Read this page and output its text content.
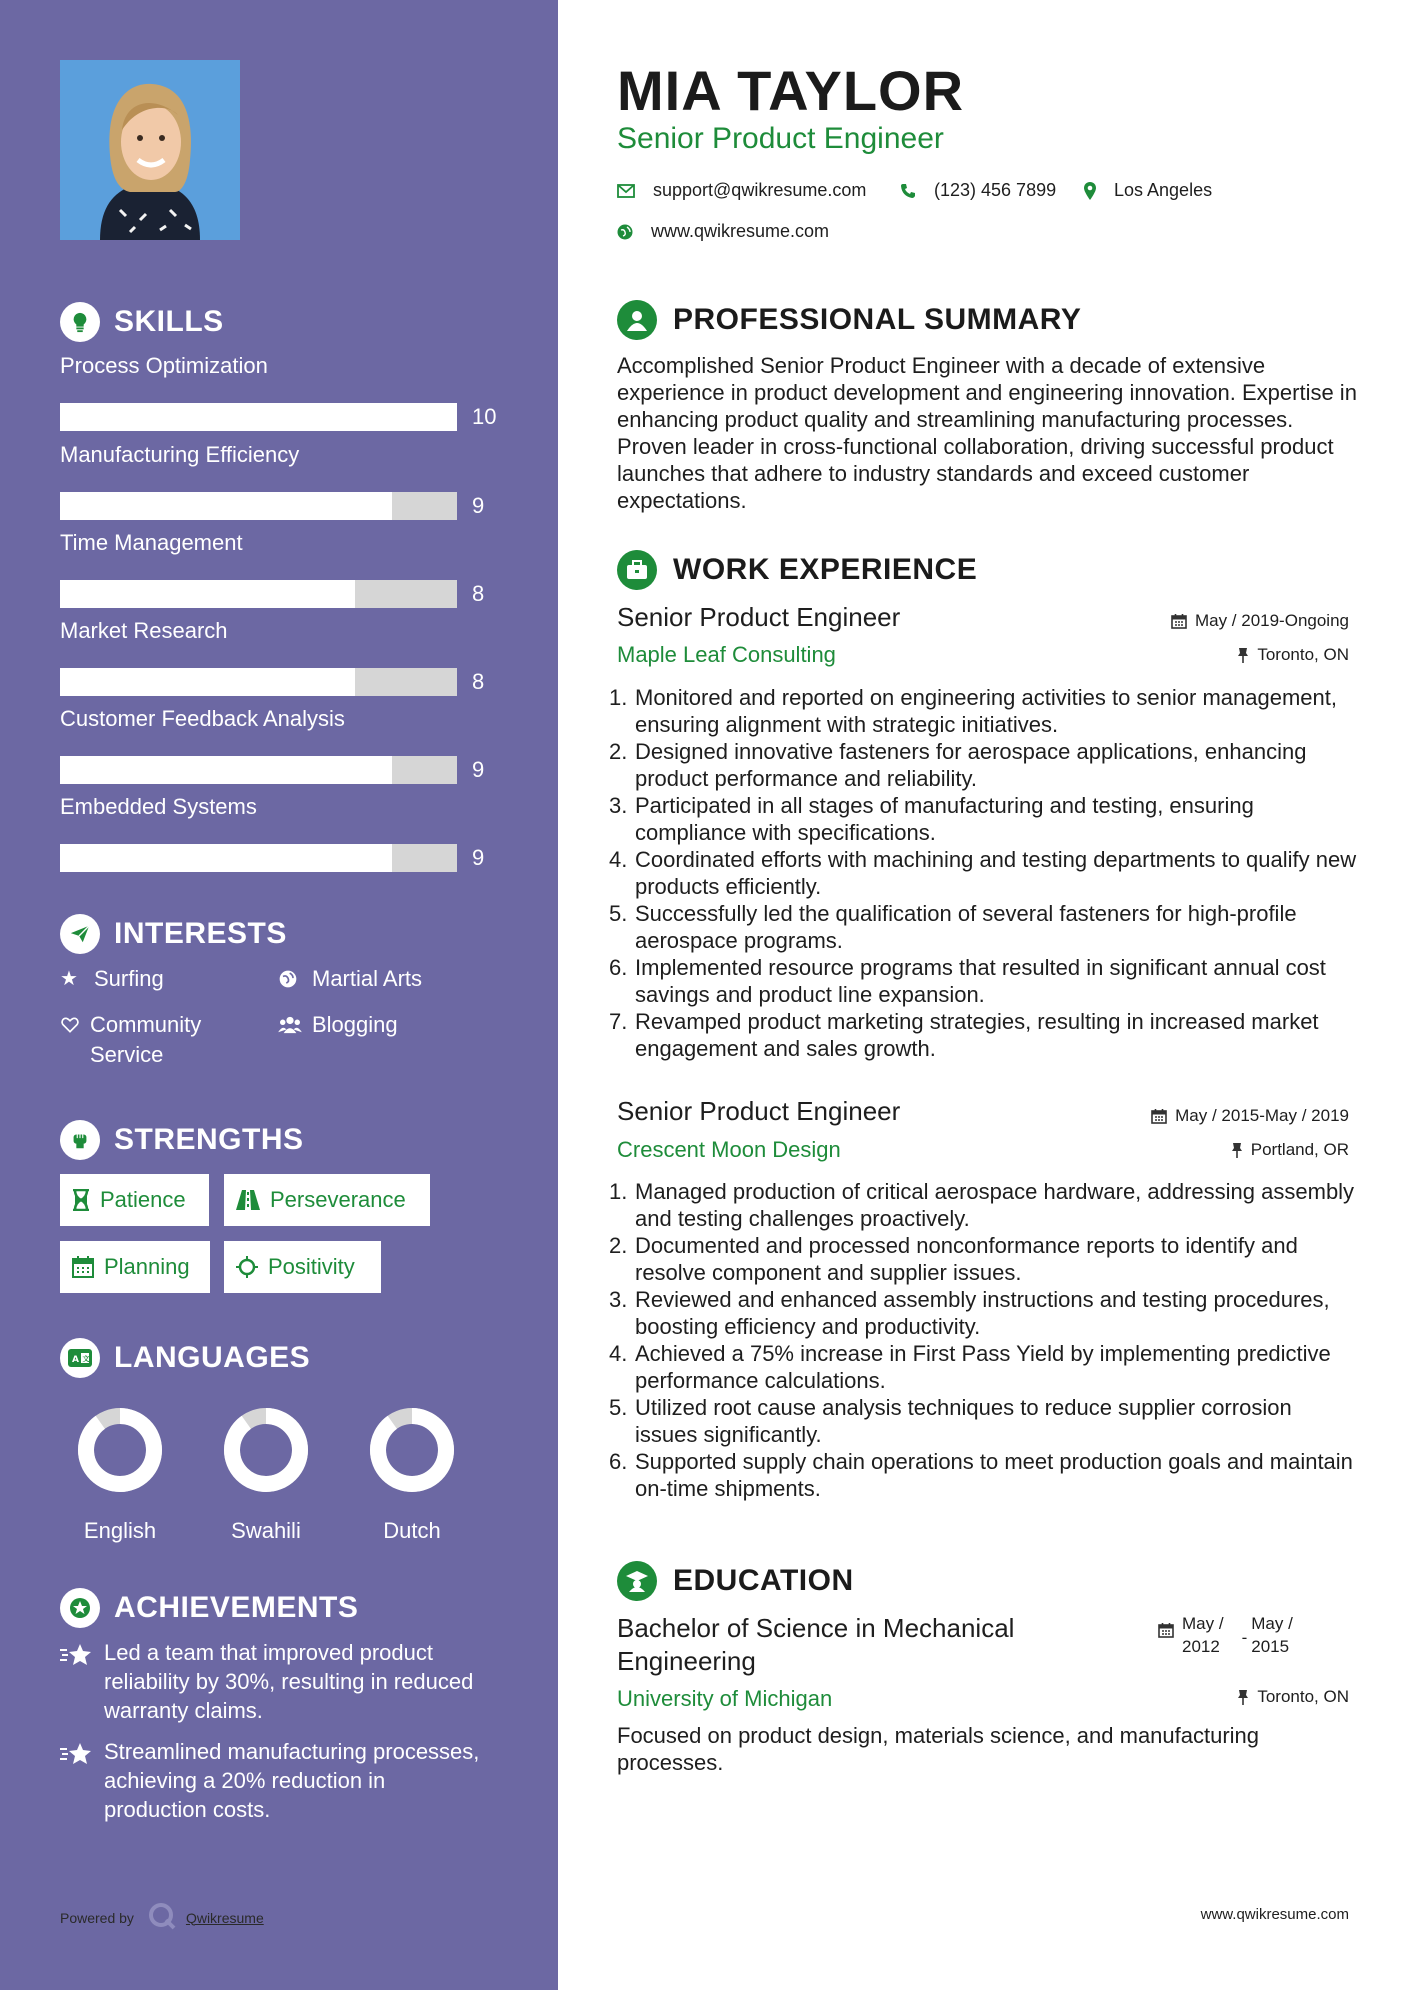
SKILLS
Process Optimization
10
Manufacturing Efficiency
9
Time Management
8
Market Research
8
Customer Feedback Analysis
9
Embedded Systems
9
INTERESTS
★ Surfing	Martial Arts
Community Service
Blogging
STRENGTHS
Patience	Perseverance
Planning	Positivity
A 文 LANGUAGES
English	Swahili	Dutch
ACHIEVEMENTS
Led a team that improved product reliability by 30%, resulting in reduced warranty claims.
Streamlined manufacturing processes, achieving a 20% reduction in production costs.
Powered by	Qwikresume
MIA TAYLOR
Senior Product Engineer
support@qwikresume.com	(123) 456 7899	Los Angeles
www.qwikresume.com
PROFESSIONAL SUMMARY
Accomplished Senior Product Engineer with a decade of extensive experience in product development and engineering innovation. Expertise in enhancing product quality and streamlining manufacturing processes. Proven leader in cross-functional collaboration, driving successful product launches that adhere to industry standards and exceed customer expectations.
WORK EXPERIENCE
Senior Product Engineer	May / 2019-Ongoing
Maple Leaf Consulting	Toronto, ON
1. Monitored and reported on engineering activities to senior management, ensuring alignment with strategic initiatives.
2. Designed innovative fasteners for aerospace applications, enhancing product performance and reliability.
3. Participated in all stages of manufacturing and testing, ensuring compliance with specifications.
4. Coordinated efforts with machining and testing departments to qualify new products efficiently.
5. Successfully led the qualification of several fasteners for high-profile aerospace programs.
6. Implemented resource programs that resulted in significant annual cost savings and product line expansion.
7. Revamped product marketing strategies, resulting in increased market engagement and sales growth.
Senior Product Engineer	May / 2015-May / 2019
Crescent Moon Design	Portland, OR
1. Managed production of critical aerospace hardware, addressing assembly and testing challenges proactively.
2. Documented and processed nonconformance reports to identify and resolve component and supplier issues.
3. Reviewed and enhanced assembly instructions and testing procedures, boosting efficiency and productivity.
4. Achieved a 75% increase in First Pass Yield by implementing predictive performance calculations.
5. Utilized root cause analysis techniques to reduce supplier corrosion issues significantly.
6. Supported supply chain operations to meet production goals and maintain on-time shipments.
EDUCATION
Bachelor of Science in Mechanical Engineering
May /
2012 -
May /
2015
University of Michigan	Toronto, ON
Focused on product design, materials science, and manufacturing processes.
www.qwikresume.com
